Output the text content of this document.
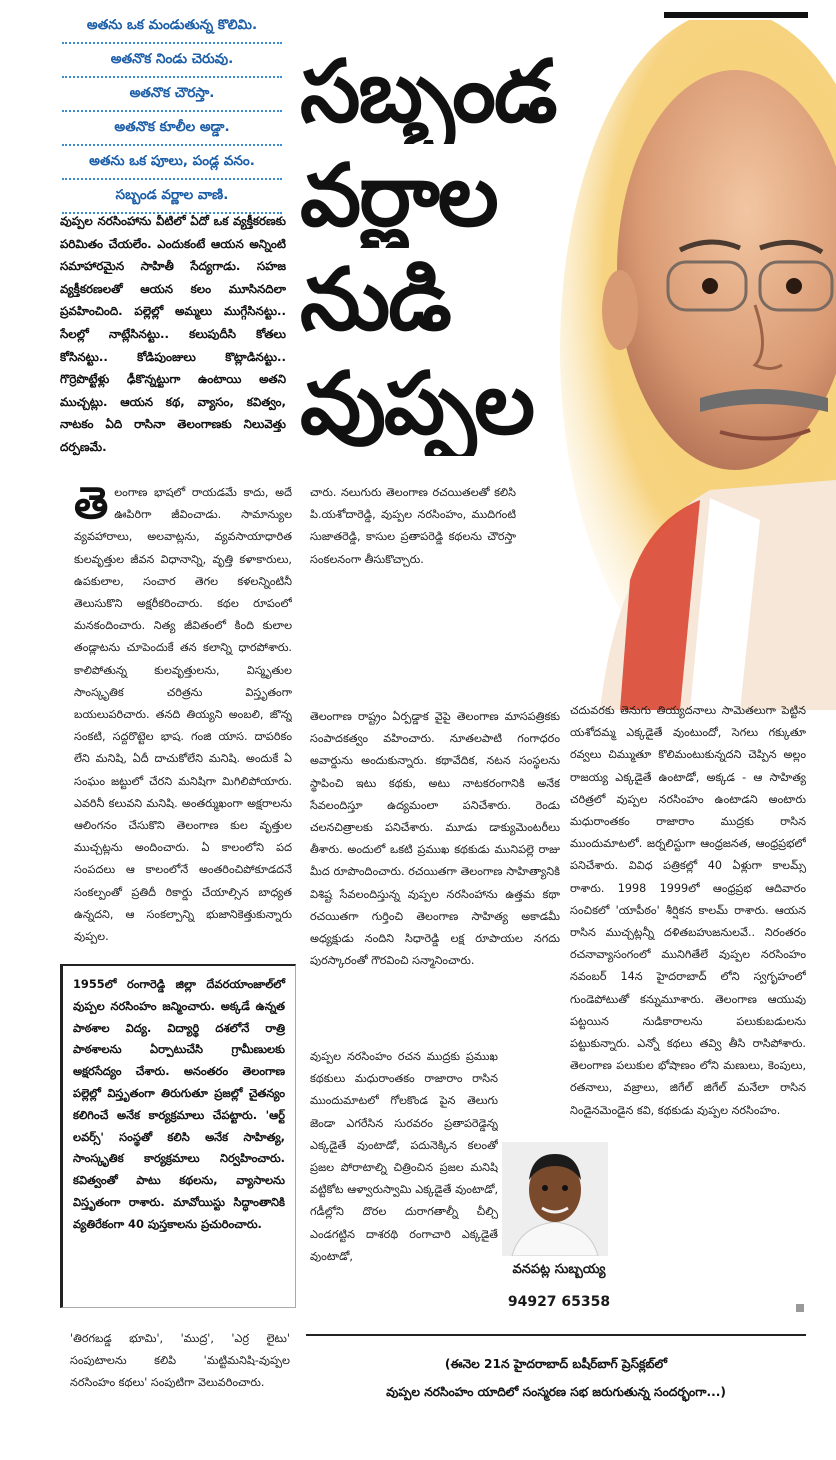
అతను ఒక మండుతున్న కొలిమి.
అతనొక నిండు చెరువు.
అతనొక చౌరస్తా.
అతనొక కూలీల అడ్డా.
అతను ఒక పూలు, పండ్ల వనం.
సబ్బండ వర్ణాల వాణి.
సబ్బండ
వర్ణాల
నుడి
వుప్పల
వుప్పల నరసింహాను వీటిలో ఏదో ఒక వ్యక్తీకరణకు పరిమితం చేయలేం. ఎందుకంటే ఆయన అన్నింటి సమాహారమైన సాహితీ సేద్యగాడు. సహజ వ్యక్తీకరణలతో ఆయన కలం మూసినదిలా ప్రవహించింది. పల్లెల్లో అమ్మలు ముగ్గేసినట్టు.. సేలల్లో నాట్లేసినట్టు.. కలుపుదీసి కోతలు కోసినట్టు.. కోడిపుంజులు కొట్లాడినట్టు.. గొర్రెపొట్టేళ్లు ఢీకొన్నట్టుగా ఉంటాయి అతని ముచ్చట్లు. ఆయన కథ, వ్యాసం, కవిత్వం, నాటకం ఏది రాసినా తెలంగాణకు నిలువెత్తు దర్పణమే.
తెలంగాణ భాషలో రాయడమే కాదు, అదే ఊపిరిగా జీవించాడు. సామాన్యుల వ్యవహారాలు, అలవాట్లను, వ్యవసాయాధారిత కులవృత్తుల జీవన విధానాన్ని, వృత్తి కళాకారులు, ఉపకులాల, సంచార తెగల కళలన్నింటినీ తెలుసుకొని అక్షరీకరించారు. కథల రూపంలో మనకందించారు. నిత్య జీవితంలో కింది కులాల తండ్లాటను చూపెందుకే తన కలాన్ని ధారపోశారు. కాలిపోతున్న కులవృత్తులను, విస్మృతుల సాంస్కృతిక చరిత్రను విస్తృతంగా బయలుపరిచారు. తనది తియ్యని అంబలి, జొన్న సంకటి, సద్దరొట్టెల భాష. గంజి యాస. దాపరికం లేని మనిషి, ఏదీ దాచుకోలేని మనిషి. అందుకే ఏ సంఘం జట్టులో చేరని మనిషిగా మిగిలిపోయారు. ఎవరినీ కలువని మనిషి. అంతర్ముఖంగా అక్షరాలను ఆలింగనం చేసుకొని తెలంగాణ కుల వృత్తుల ముచ్చట్లను అందించారు. ఏ కాలంలోని పద సంపదలు ఆ కాలంలోనే అంతరించిపోకూడదనే సంకల్పంతో ప్రతిదీ రికార్డు చేయాల్సిన బాధ్యత ఉన్నదని, ఆ సంకల్పాన్ని భుజానికెత్తుకున్నారు వుప్పల.
1955లో రంగారెడ్డి జిల్లా దేవరయాంజాల్‌లో వుప్పల నరసింహం జన్మించారు. అక్కడే ఉన్నత పాఠశాల విద్య. విద్యార్థి దశలోనే రాత్రి పాఠశాలను ఏర్పాటుచేసి గ్రామీణులకు అక్షరసేద్యం చేశారు. అనంతరం తెలంగాణ పల్లెల్లో విస్తృతంగా తిరుగుతూ ప్రజల్లో చైతన్యం కలిగించే అనేక కార్యక్రమాలు చేపట్టారు. 'ఆర్ట్ లవర్స్' సంస్థతో కలిసి అనేక సాహిత్య, సాంస్కృతిక కార్యక్రమాలు నిర్వహించారు. కవిత్వంతో పాటు కథలను, వ్యాసాలను విస్తృతంగా రాశారు. మావోయిస్టు సిద్ధాంతానికి వ్యతిరేకంగా 40 పుస్తకాలను ప్రచురించారు.
'తిరగబడ్డ భూమి', 'ముద్ర', 'ఎర్ర లైటు' సంపుటాలను కలిపి 'మట్టిమనిషి-వుప్పల నరసింహం కథలు' సంపుటిగా వెలువరించారు.
చారు. నలుగురు తెలంగాణ రచయితలతో కలిసి పి.యశోదారెడ్డి, వుప్పల నరసింహం, ముదిగంటి సుజాతరెడ్డి, కాసుల ప్రతాపరెడ్డి కథలను చౌరస్తా సంకలనంగా తీసుకొచ్చారు.
తెలంగాణ రాష్ట్రం ఏర్పడ్డాక వైపై తెలంగాణ మాసపత్రికకు సంపాదకత్వం వహించారు. నూతలపాటి గంగాధరం అవార్డును అందుకున్నారు. కథావేదిక, నటన సంస్థలను స్థాపించి ఇటు కథకు, అటు నాటకరంగానికి అనేక సేవలందిస్తూ ఉద్యమంలా పనిచేశారు. రెండు చలనచిత్రాలకు పనిచేశారు. మూడు డాక్యుమెంటరీలు తీశారు. అందులో ఒకటి ప్రముఖ కథకుడు మునిపల్లె రాజు మీద రూపొందించారు. రచయితగా తెలంగాణ సాహిత్యానికి విశిష్ట సేవలందిస్తున్న వుప్పల నరసింహాను ఉత్తమ కథా రచయితగా గుర్తించి తెలంగాణ సాహిత్య అకాడమీ అధ్యక్షుడు నందిని సిధారెడ్డి లక్ష రూపాయల నగదు పురస్కారంతో గౌరవించి సన్మానించారు.
వుప్పల నరసింహం రచన ముద్రకు ప్రముఖ కథకులు మధురాంతకం రాజారాం రాసిన ముందుమాటలో గోలకొండ పైన తెలుగు జెండా ఎగరేసిన సురవరం ప్రతాపరెడ్డెన్న ఎక్కడైతే వుంటాడో, పదునెక్కిన కలంతో ప్రజల పోరాటాల్ని చిత్రించిన ప్రజల మనిషి వట్టికోట ఆళ్వారుస్వామి ఎక్కడైతే వుంటాడో, గడీల్లోని దొరల దురాగతాల్నీ చీల్చి ఎండగట్టిన దాశరథి రంగాచారి ఎక్కడైతే వుంటాడో,
చదువరకు తెనుగు తియ్యదనాలు సామెతలుగా పెట్టిన యశోదమ్మ ఎక్కడైతే వుంటుందో, సెగలు గక్కుతూ రవ్వలు చిమ్ముతూ కొలిమంటుకున్నదని చెప్పిన అల్లం రాజయ్య ఎక్కడైతే ఉంటాడో, అక్కడ - ఆ సాహిత్య చరిత్రలో వుప్పల నరసింహం ఉంటాడని అంటారు మధురాంతకం రాజారాం ముద్రకు రాసిన ముందుమాటలో. జర్నలిస్టుగా ఆంధ్రజనత, ఆంధ్రప్రభలో పనిచేశారు. వివిధ పత్రికల్లో 40 ఏళ్లుగా కాలమ్స్ రాశారు. 1998 1999లో ఆంధ్రప్రభ ఆదివారం సంచికలో 'యాపీఠం' శీర్షికన కాలమ్ రాశారు. ఆయన రాసిన ముచ్చట్లన్నీ దళితబహుజనులవే.. నిరంతరం రచనావ్యాసంగంలో మునిగితేలే వుప్పల నరసింహం నవంబర్ 14న హైదరాబాద్ లోని స్వగృహంలో గుండెపోటుతో కన్నుమూశారు. తెలంగాణ ఆయువు పట్టయిన నుడికారాలను పలుకుబడులను పట్టుకున్నారు. ఎన్నో కథలు తవ్వి తీసి రాసిపోశారు. తెలంగాణ పలుకుల భోషాణం లోని మణులు, కెంపులు, రతనాలు, వజ్రాలు, జిగేల్ జిగేల్ మనేలా రాసిన నిండైనమెండైన కవి, కథకుడు వుప్పల నరసింహం.
వనపట్ల సుబ్బయ్య
94927 65358
(ఈనెల 21న హైదరాబాద్ బషీర్‌బాగ్ ప్రెస్‌క్లబ్‌లో
వుప్పల నరసింహం యాదిలో సంస్మరణ సభ జరుగుతున్న సందర్భంగా...)
